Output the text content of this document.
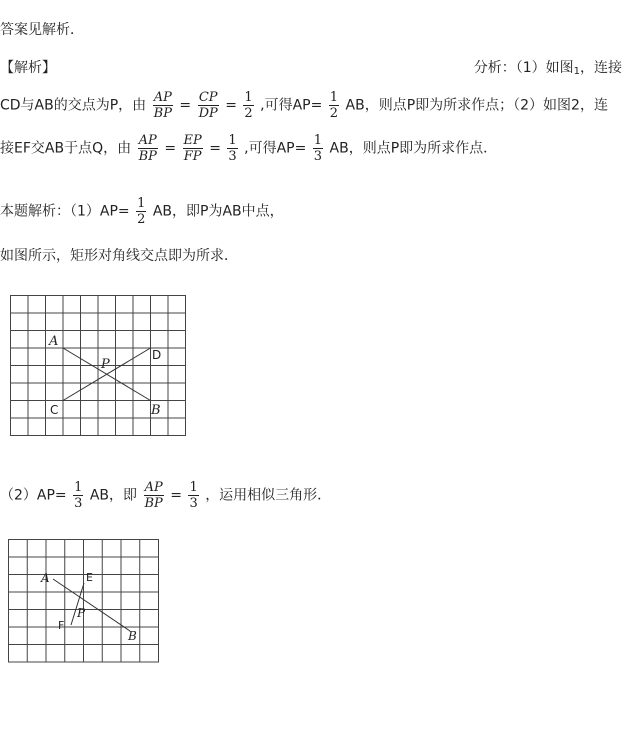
答案见解析．
【解析】	分析：（1）如图$_1$，连接
CD与AB的交点为P，由 $\frac{AP}{BP} = \frac{CP}{DP} = \frac{1}{2}$ ,可得$AP= \frac{1}{2}$ AB，则点P即为所求作点；（2）如图2，连
接EF交AB于点Q，由 $\frac{AP}{BP} = \frac{EP}{FP} = \frac{1}{3}$ ,可得$AP= \frac{1}{3}$ AB，则点P即为所求作点．
本题解析：$(1)AP= \frac{1}{2}$ AB，即P为AB中点，
如图所示，矩形对角线交点即为所求．
A
P
D
C	B
$(2)AP= \frac{1}{3}$ AB，即 $\frac{AP}{BP} = \frac{1}{3}$ ，运用相似三角形．
A	E
P
F
B
